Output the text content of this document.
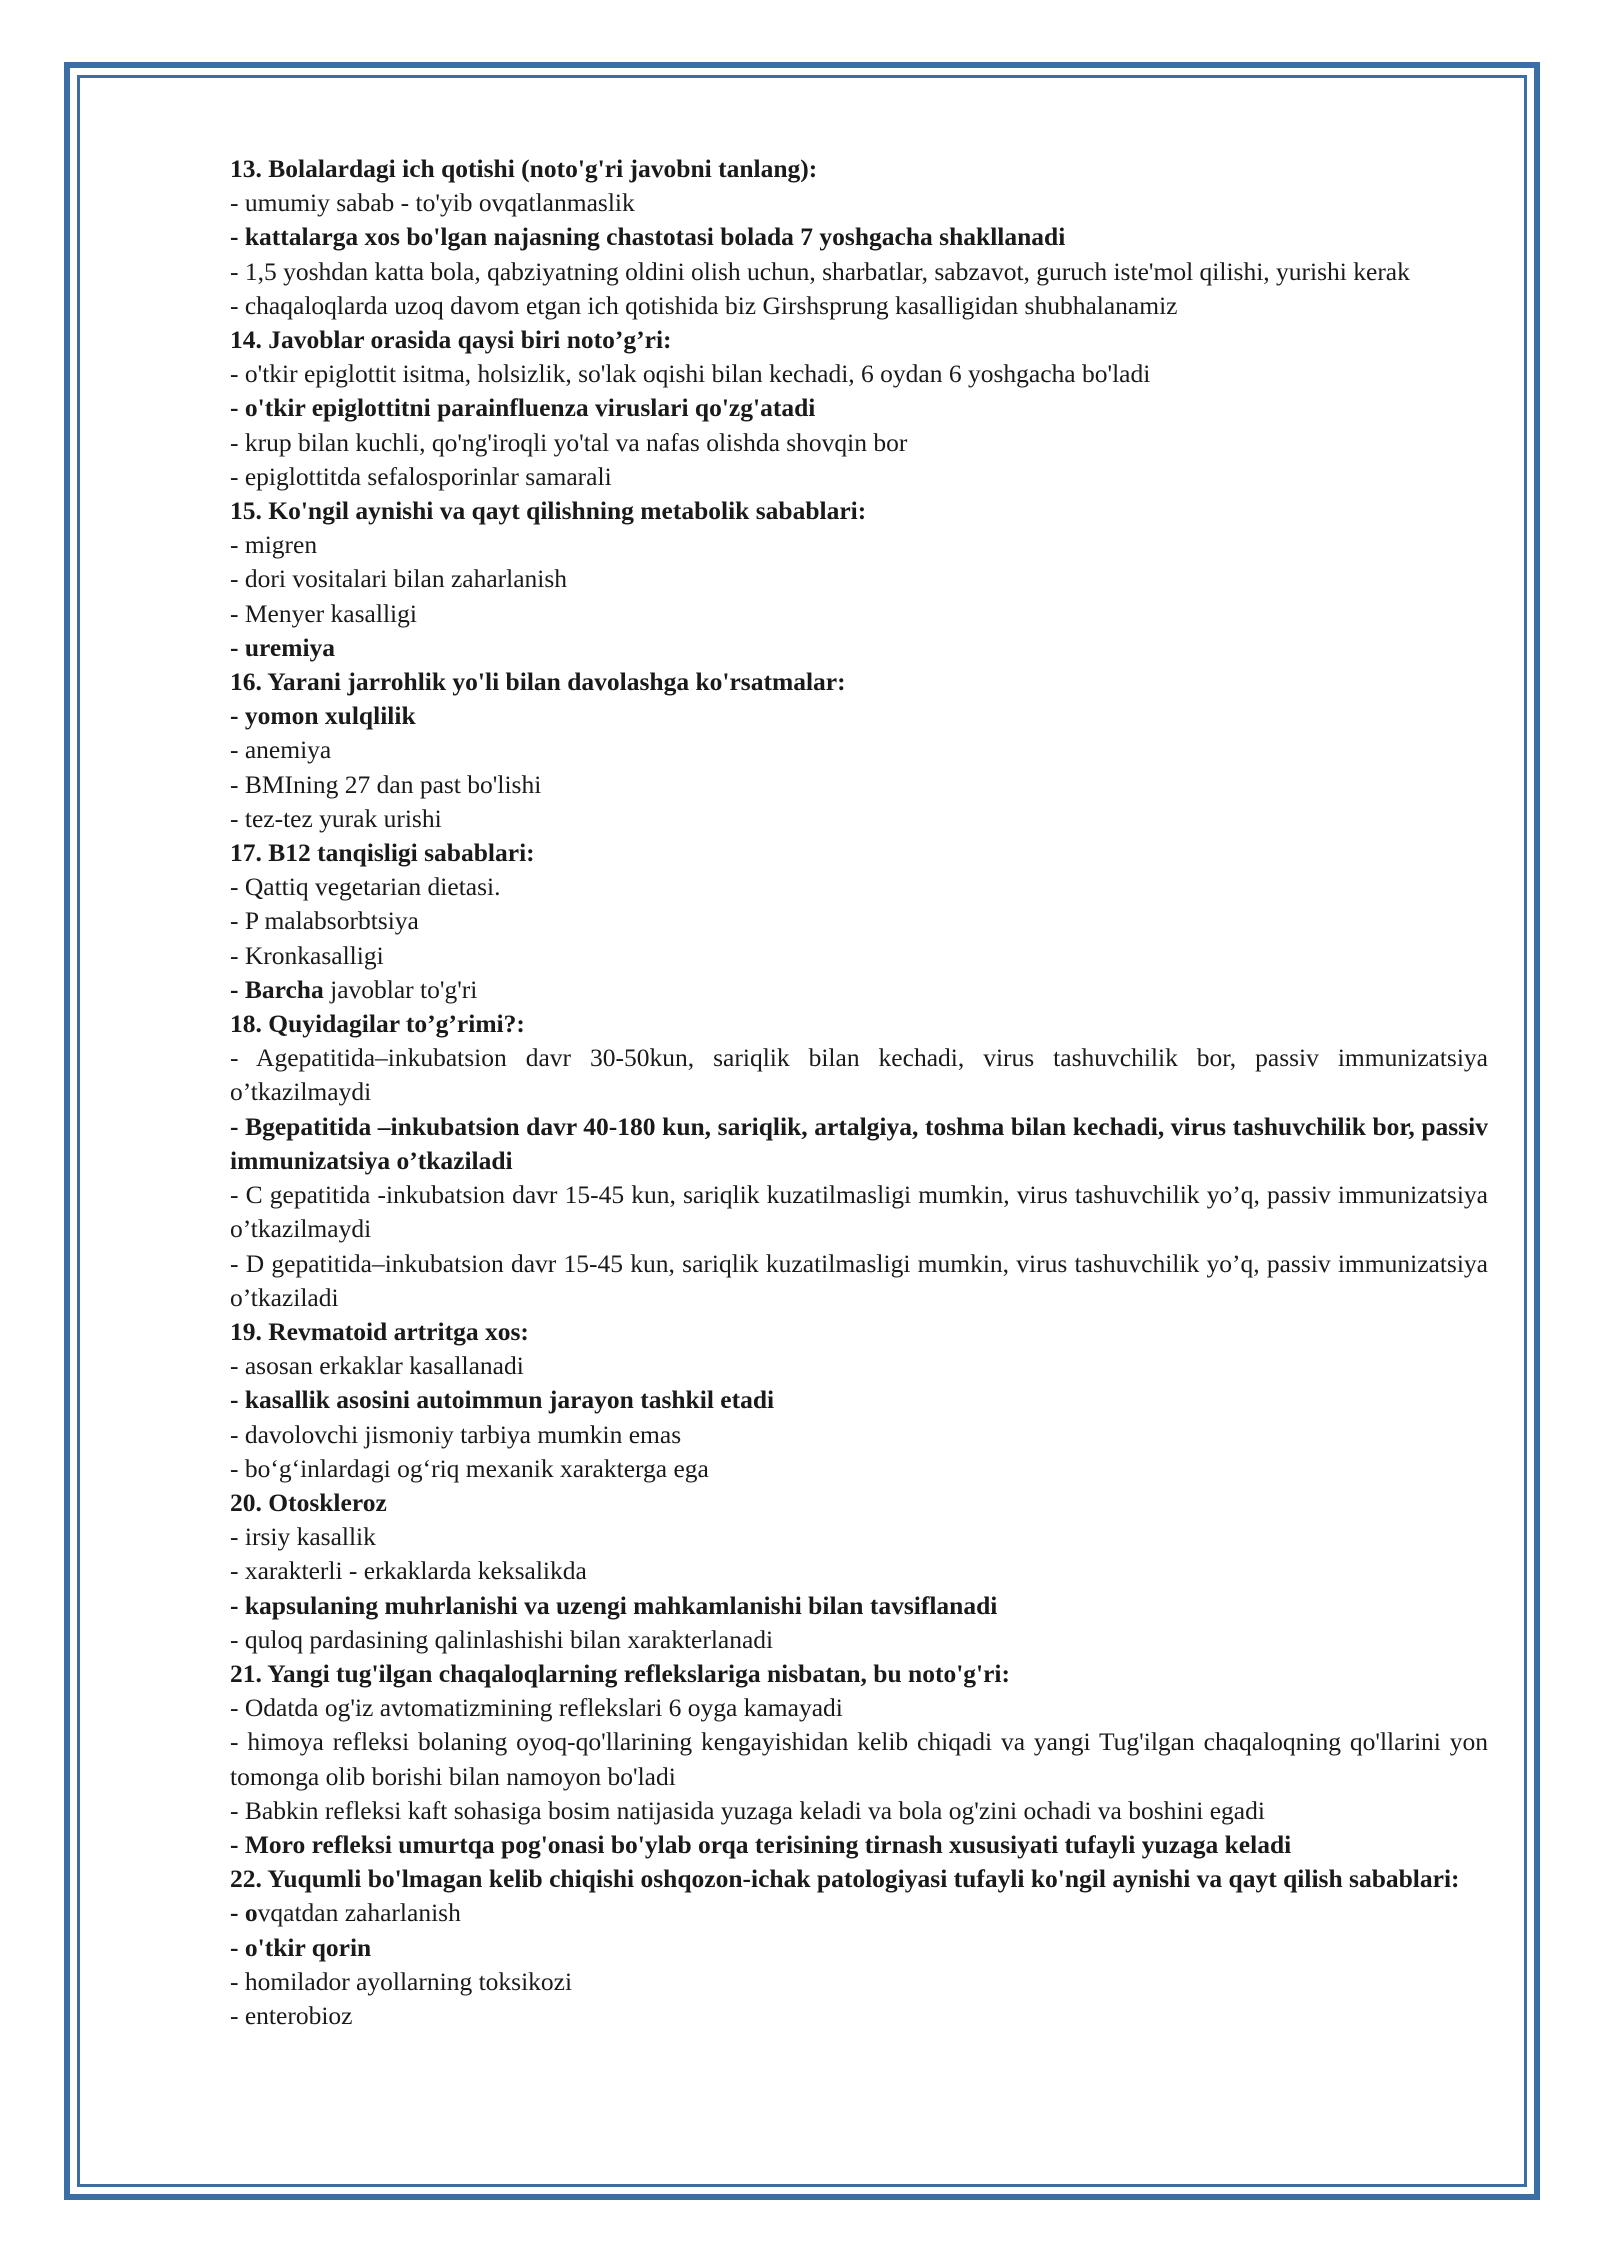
13. Bolalardagi ich qotishi (noto'g'ri javobni tanlang):

- umumiy sabab - to'yib ovqatlanmaslik

- kattalarga xos bo'lgan najasning chastotasi bolada 7 yoshgacha shakllanadi

- 1,5 yoshdan katta bola, qabziyatning oldini olish uchun, sharbatlar, sabzavot, guruch iste'mol qilishi, yurishi kerak

- chaqaloqlarda uzoq davom etgan ich qotishida biz Girshsprung kasalligidan shubhalanamiz

14. Javoblar orasida qaysi biri noto’g’ri:

- o'tkir epiglottit isitma, holsizlik, so'lak oqishi bilan kechadi, 6 oydan 6 yoshgacha bo'ladi

- o'tkir epiglottitni parainfluenza viruslari qo'zg'atadi

- krup bilan kuchli, qo'ng'iroqli yo'tal va nafas olishda shovqin bor

- epiglottitda sefalosporinlar samarali

15. Ko'ngil aynishi va qayt qilishning metabolik sabablari:

- migren

- dori vositalari bilan zaharlanish

- Menyer kasalligi

- uremiya

16. Yarani jarrohlik yo'li bilan davolashga ko'rsatmalar:

- yomon xulqlilik

- anemiya

- BMIning 27 dan past bo'lishi

- tez-tez yurak urishi

17. B12 tanqisligi sabablari:

- Qattiq vegetarian dietasi.

- P malabsorbtsiya

- Kronkasalligi

- Barcha javoblar to'g'ri

18. Quyidagilar to’g’rimi?:

- Agepatitida–inkubatsion davr 30-50kun, sariqlik bilan kechadi, virus tashuvchilik bor, passiv immunizatsiya o’tkazilmaydi

- Bgepatitida –inkubatsion davr 40-180 kun, sariqlik, artalgiya, toshma bilan kechadi, virus tashuvchilik bor, passiv immunizatsiya o’tkaziladi

- C gepatitida -inkubatsion davr 15-45 kun, sariqlik kuzatilmasligi mumkin, virus tashuvchilik yo’q, passiv immunizatsiya o’tkazilmaydi

- D gepatitida–inkubatsion davr 15-45 kun, sariqlik kuzatilmasligi mumkin, virus tashuvchilik yo’q, passiv immunizatsiya o’tkaziladi

19. Revmatoid artritga xos:

- asosan erkaklar kasallanadi

- kasallik asosini autoimmun jarayon tashkil etadi

- davolovchi jismoniy tarbiya mumkin emas

- bo‘g‘inlardagi og‘riq mexanik xarakterga ega

20. Otoskleroz

- irsiy kasallik

- xarakterli - erkaklarda keksalikda

- kapsulaning muhrlanishi va uzengi mahkamlanishi bilan tavsiflanadi

- quloq pardasining qalinlashishi bilan xarakterlanadi

21. Yangi tug'ilgan chaqaloqlarning reflekslariga nisbatan, bu noto'g'ri:

- Odatda og'iz avtomatizmining reflekslari 6 oyga kamayadi

- himoya refleksi bolaning oyoq-qo'llarining kengayishidan kelib chiqadi va yangi Tug'ilgan chaqaloqning qo'llarini yon tomonga olib borishi bilan namoyon bo'ladi

- Babkin refleksi kaft sohasiga bosim natijasida yuzaga keladi va bola og'zini ochadi va boshini egadi

- Moro refleksi umurtqa pog'onasi bo'ylab orqa terisining tirnash xususiyati tufayli yuzaga keladi

22. Yuqumli bo'lmagan kelib chiqishi oshqozon-ichak patologiyasi tufayli ko'ngil aynishi va qayt qilish sabablari:

- ovqatdan zaharlanish

- o'tkir qorin

- homilador ayollarning toksikozi

- enterobioz
